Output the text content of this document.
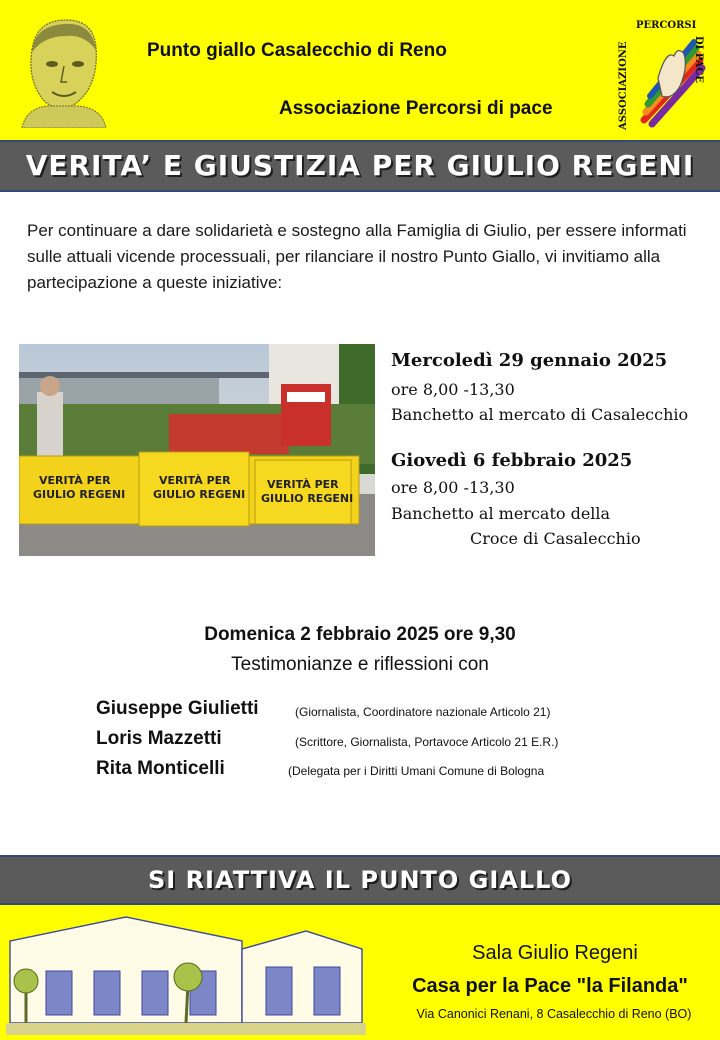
Punto giallo Casalecchio di Reno
Associazione Percorsi di pace	ASSOCIAZIONE
PERCORSI
DI PACE
VERITA’ E GIUSTIZIA PER GIULIO REGENI

Per continuare a dare solidarietà e sostegno alla Famiglia di Giulio, per essere informati sulle attuali vicende processuali, per rilanciare il nostro Punto Giallo, vi invitiamo alla partecipazione a queste iniziative:

VERITÀ PER
GIULIO REGENI
VERITÀ PER
GIULIO REGENI
VERITÀ PER
GIULIO REGENI
Mercoledì 29 gennaio 2025
ore 8,00 -13,30
Banchetto al mercato di Casalecchio
Giovedì 6 febbraio 2025
ore 8,00 -13,30
Banchetto al mercato della
Croce di Casalecchio
Domenica 2 febbraio 2025 ore 9,30
Testimonianze e riflessioni con
Giuseppe Giulietti	(Giornalista, Coordinatore nazionale Articolo 21)
Loris Mazzetti	(Scrittore, Giornalista, Portavoce Articolo 21 E.R.)
Rita Monticelli	(Delegata per i Diritti Umani Comune di Bologna
SI RIATTIVA IL PUNTO GIALLO
Sala Giulio Regeni
Casa per la Pace "la Filanda"
Via Canonici Renani, 8 Casalecchio di Reno (BO)
